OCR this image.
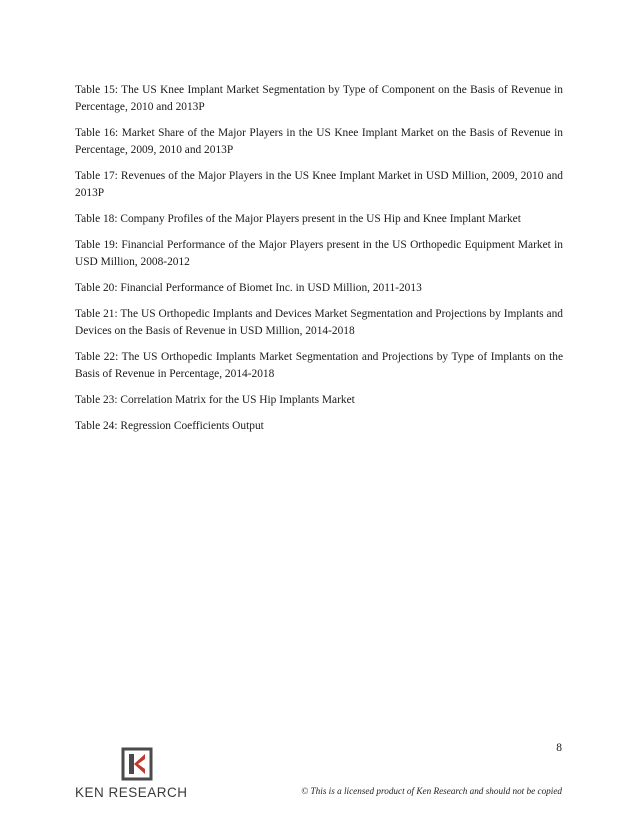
Table 15: The US Knee Implant Market Segmentation by Type of Component on the Basis of Revenue in Percentage, 2010 and 2013P

Table 16: Market Share of the Major Players in the US Knee Implant Market on the Basis of Revenue in Percentage, 2009, 2010 and 2013P

Table 17: Revenues of the Major Players in the US Knee Implant Market in USD Million, 2009, 2010 and 2013P

Table 18: Company Profiles of the Major Players present in the US Hip and Knee Implant Market

Table 19: Financial Performance of the Major Players present in the US Orthopedic Equipment Market in USD Million, 2008-2012

Table 20: Financial Performance of Biomet Inc. in USD Million, 2011-2013

Table 21: The US Orthopedic Implants and Devices Market Segmentation and Projections by Implants and Devices on the Basis of Revenue in USD Million, 2014-2018

Table 22: The US Orthopedic Implants Market Segmentation and Projections by Type of Implants on the Basis of Revenue in Percentage, 2014-2018

Table 23: Correlation Matrix for the US Hip Implants Market

Table 24: Regression Coefficients Output

8
KEN RESEARCH	© This is a licensed product of Ken Research and should not be copied
